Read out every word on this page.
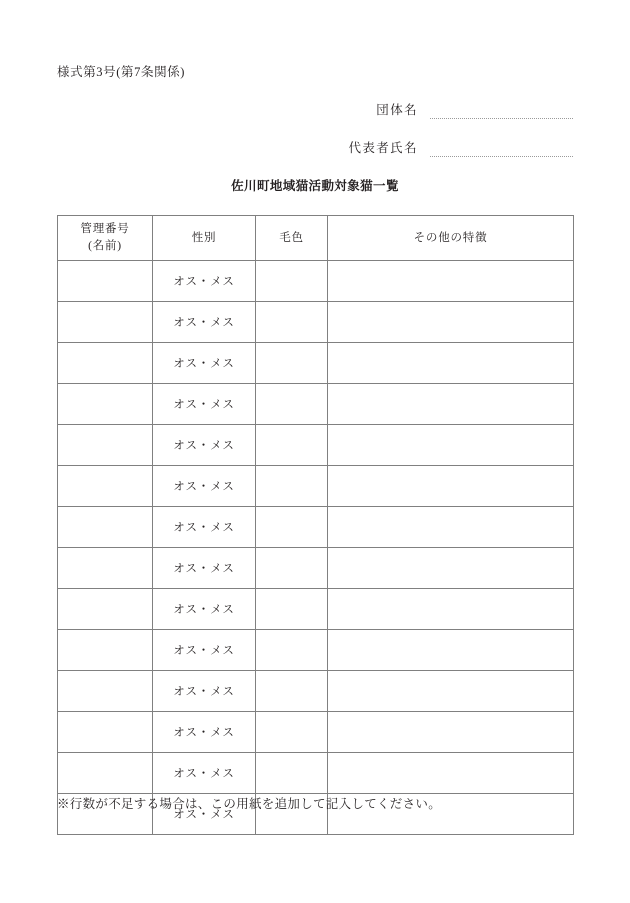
様式第3号(第7条関係)
団体名
代表者氏名
佐川町地域猫活動対象猫一覧
管理番号
(名前)	性別	毛色	その他の特徴
	オス・メス		
	オス・メス		
	オス・メス		
	オス・メス		
	オス・メス		
	オス・メス		
	オス・メス		
	オス・メス		
	オス・メス		
	オス・メス		
	オス・メス		
	オス・メス		
	オス・メス		
	オス・メス		
※行数が不足する場合は、この用紙を追加して記入してください。
